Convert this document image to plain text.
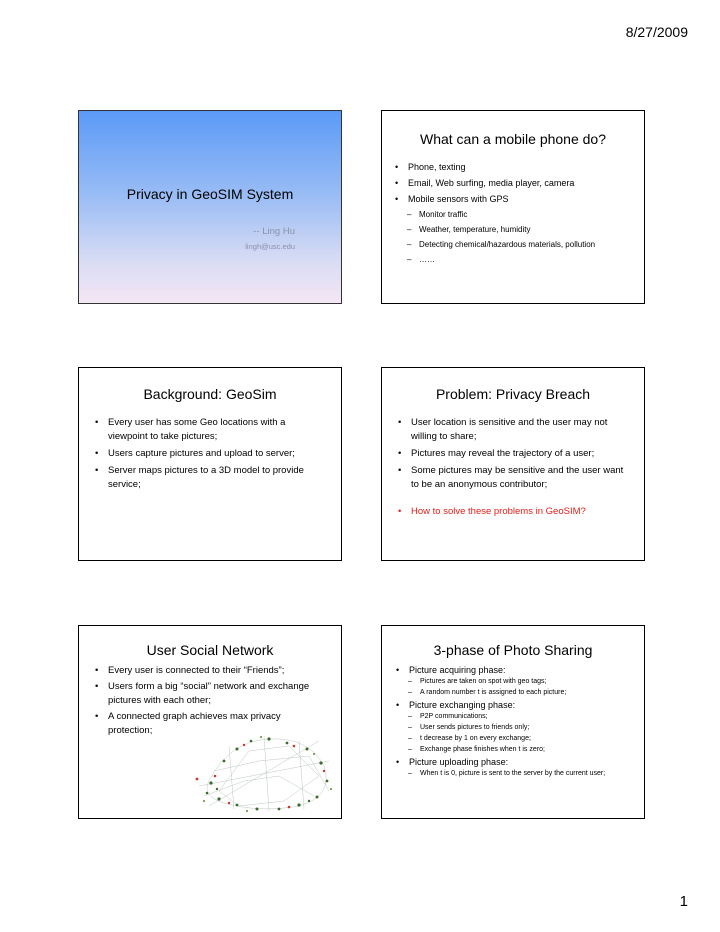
8/27/2009
Privacy in GeoSIM System
-- Ling Hu
lingh@usc.edu
What can a mobile phone do?
• Phone, texting
• Email, Web surfing, media player, camera
• Mobile sensors with GPS
– Monitor traffic
– Weather, temperature, humidity
– Detecting chemical/hazardous materials, pollution
– ……
Background: GeoSim
• Every user has some Geo locations with a viewpoint to take pictures;
• Users capture pictures and upload to server;
• Server maps pictures to a 3D model to provide service;
Problem: Privacy Breach
• User location is sensitive and the user may not willing to share;
• Pictures may reveal the trajectory of a user;
• Some pictures may be sensitive and the user want to be an anonymous contributor;
• How to solve these problems in GeoSIM?
User Social Network
• Every user is connected to their “Friends”;
• Users form a big “social” network and exchange pictures with each other;
• A connected graph achieves max privacy protection;
3-phase of Photo Sharing
• Picture acquiring phase:
– Pictures are taken on spot with geo tags;
– A random number t is assigned to each picture;
• Picture exchanging phase:
– P2P communications;
– User sends pictures to friends only;
– t decrease by 1 on every exchange;
– Exchange phase finishes when t is zero;
• Picture uploading phase:
– When t is 0, picture is sent to the server by the current user;
1
